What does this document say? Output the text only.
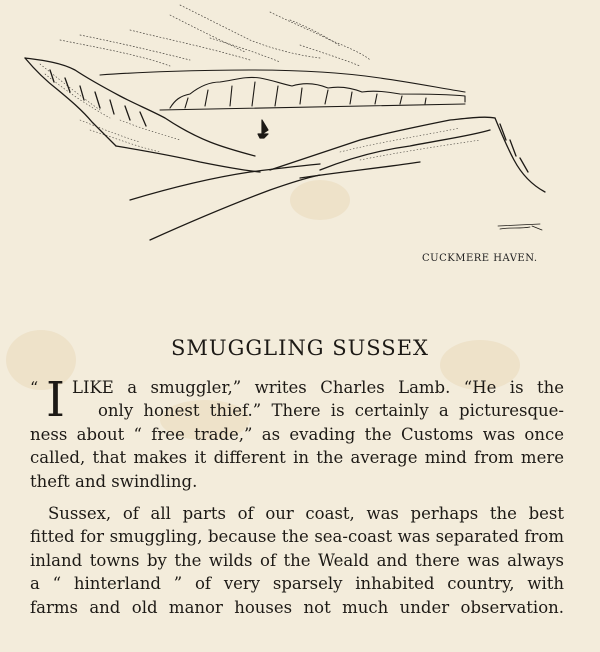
CUCKMERE HAVEN.
SMUGGLING SUSSEX
“ I LIKE a smuggler,” writes Charles Lamb. “He is the
only honest thief.” There is certainly a picturesque-
ness about “ free trade,” as evading the Customs was once
called, that makes it different in the average mind from mere
theft and swindling.
Sussex, of all parts of our coast, was perhaps the best
fitted for smuggling, because the sea-coast was separated from
inland towns by the wilds of the Weald and there was always
a “ hinterland ” of very sparsely inhabited country, with
farms and old manor houses not much under observation.
